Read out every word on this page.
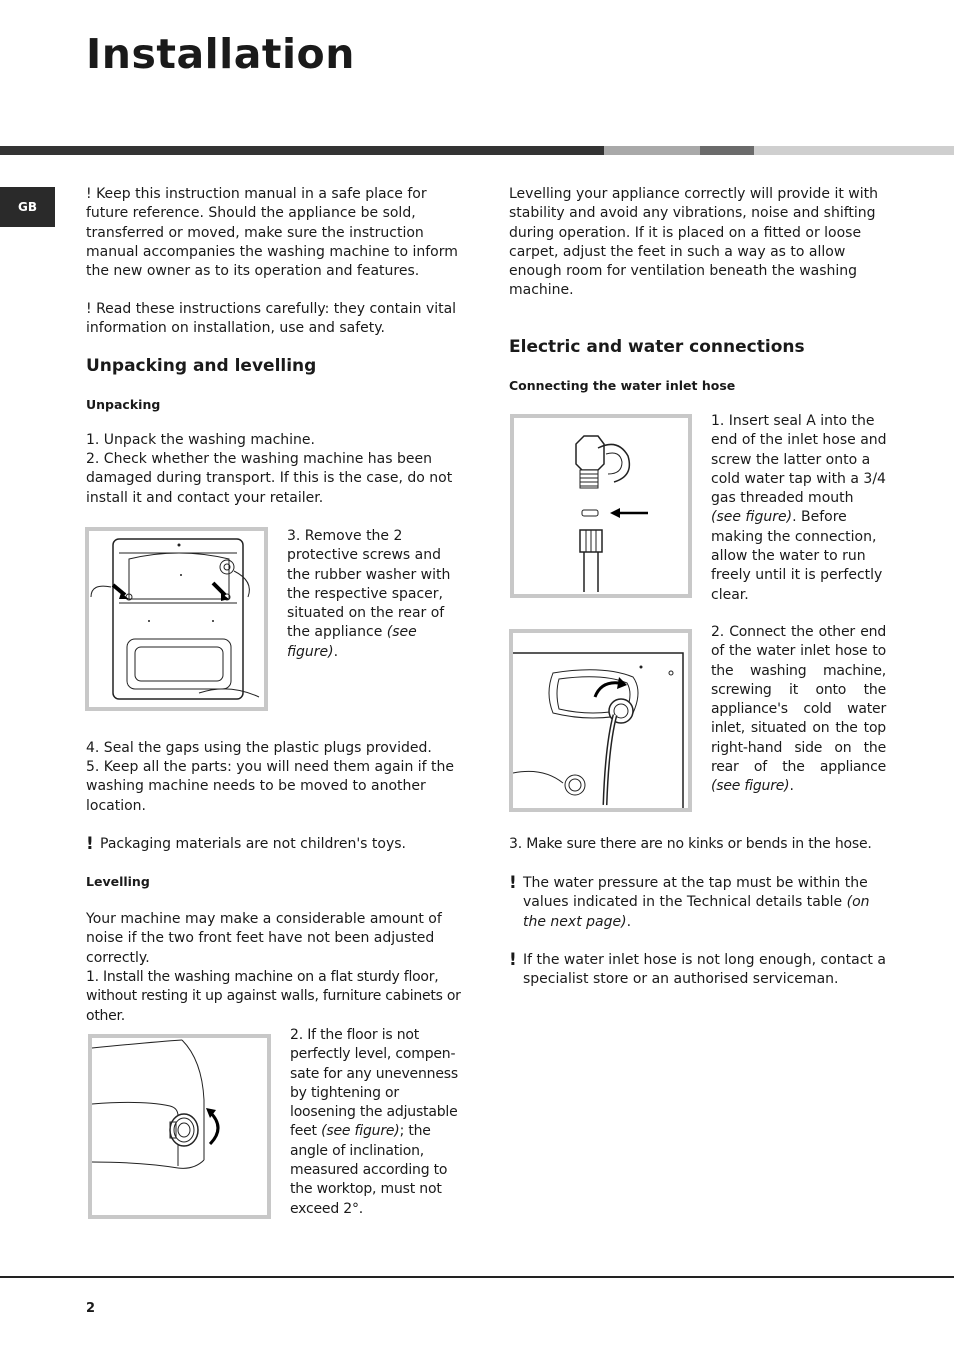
Installation
GB

! Keep this instruction manual in a safe place for future reference. Should the appliance be sold, transferred or moved, make sure the instruction manual accompanies the washing machine to inform the new owner as to its operation and features.

! Read these instructions carefully: they contain vital information on installation, use and safety.

Unpacking and levelling
Unpacking

1. Unpack the washing machine.

2. Check whether the washing machine has been damaged during transport. If this is the case, do not install it and contact your retailer.

3. Remove the 2 protective screws and the rubber washer with the respective spacer, situated on the rear of the appliance (see figure).

4. Seal the gaps using the plastic plugs provided.

5. Keep all the parts: you will need them again if the washing machine needs to be moved to another location.

! Packaging materials are not children's toys.
Levelling

Your machine may make a considerable amount of noise if the two front feet have not been adjusted correctly.

1. Install the washing machine on a flat sturdy floor, without resting it up against walls, furniture cabinets or other.

2. If the floor is not perfectly level, compen-sate for any unevenness by tightening or loosening the adjustable feet (see figure); the angle of inclination, measured according to the worktop, must not exceed 2°.

Levelling your appliance correctly will provide it with stability and avoid any vibrations, noise and shifting during operation. If it is placed on a fitted or loose carpet, adjust the feet in such a way as to allow enough room for ventilation beneath the washing machine.

Electric and water connections
Connecting the water inlet hose

1. Insert seal A into the end of the inlet hose and screw the latter onto a cold water tap with a 3/4 gas threaded mouth (see figure). Before making the connection, allow the water to run freely until it is perfectly clear.

2. Connect the other end of the water inlet hose to the washing machine, screwing it onto the appliance's cold water inlet, situated on the top right-hand side on the rear of the appliance (see figure).

3. Make sure there are no kinks or bends in the hose.

! The water pressure at the tap must be within the values indicated in the Technical details table (on the next page).
! If the water inlet hose is not long enough, contact a specialist store or an authorised serviceman.
2
